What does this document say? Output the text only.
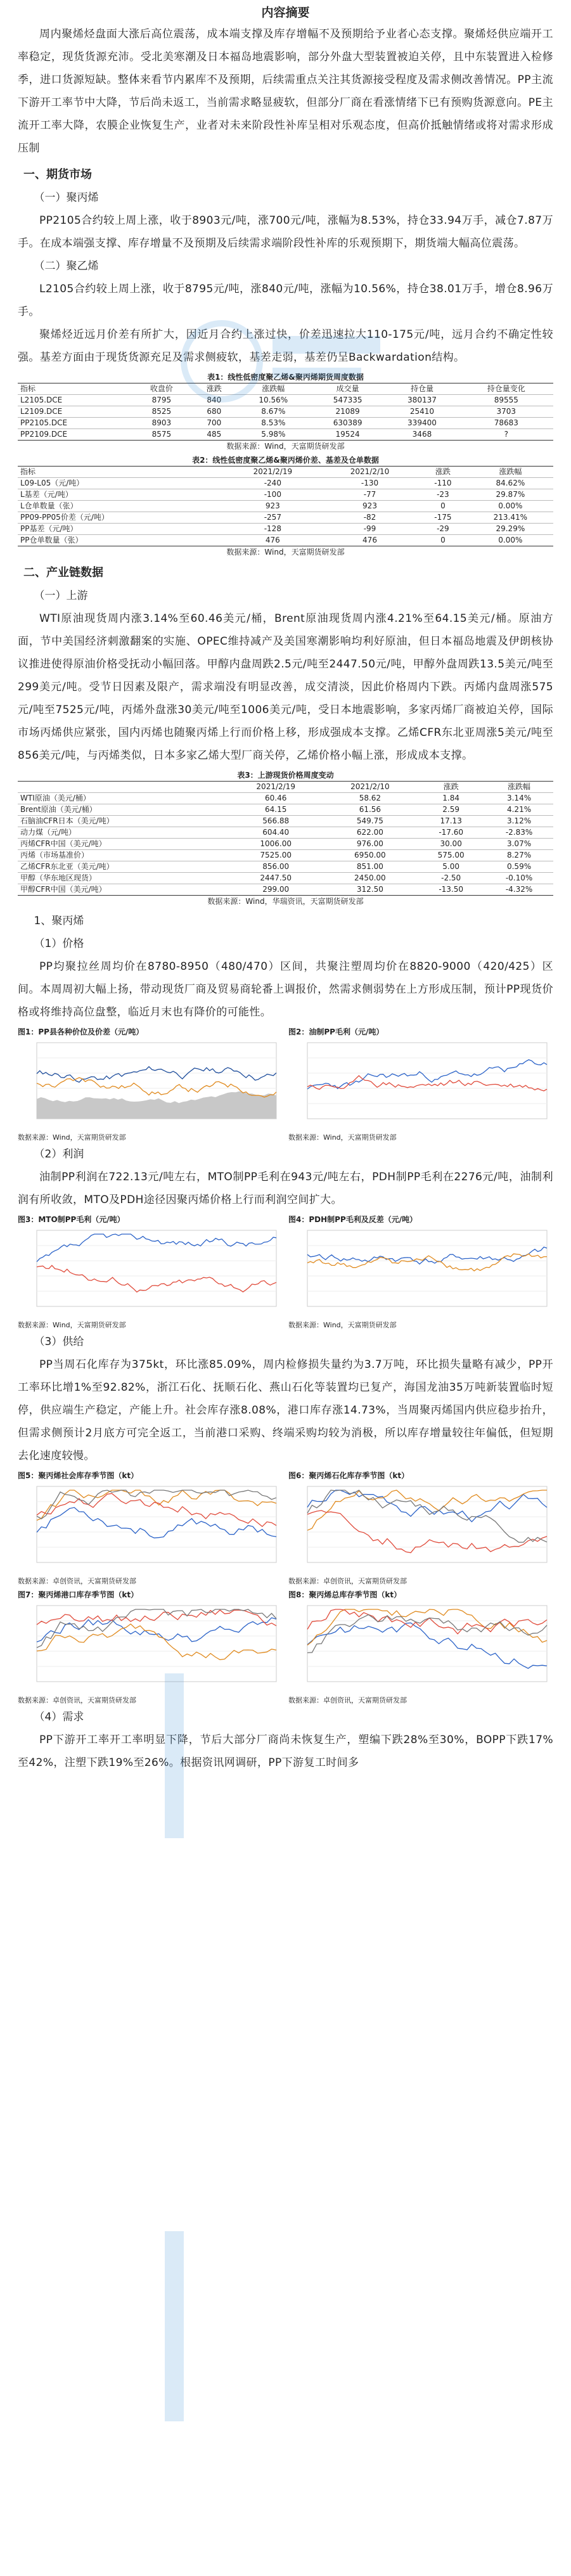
内容摘要

周内聚烯烃盘面大涨后高位震荡，成本端支撑及库存增幅不及预期给予业者心态支撑。聚烯烃供应端开工率稳定，现货货源充沛。受北美寒潮及日本福岛地震影响，部分外盘大型装置被迫关停，且中东装置进入检修季，进口货源短缺。整体来看节内累库不及预期，后续需重点关注其货源接受程度及需求侧改善情况。PP主流下游开工率节中大降，节后尚未返工，当前需求略显疲软，但部分厂商在看涨情绪下已有预购货源意向。PE主流开工率大降，农膜企业恢复生产，业者对未来阶段性补库呈相对乐观态度，但高价抵触情绪或将对需求形成压制

一、期货市场
（一）聚丙烯

PP2105合约较上周上涨，收于8903元/吨，涨700元/吨，涨幅为8.53%，持仓33.94万手，减仓7.87万手。在成本端强支撑、库存增量不及预期及后续需求端阶段性补库的乐观预期下，期货端大幅高位震荡。

（二）聚乙烯

L2105合约较上周上涨，收于8795元/吨，涨840元/吨，涨幅为10.56%，持仓38.01万手，增仓8.96万手。

聚烯烃近远月价差有所扩大，因近月合约上涨过快，价差迅速拉大110-175元/吨，远月合约不确定性较强。基差方面由于现货货源充足及需求侧疲软，基差走弱，基差仍呈Backwardation结构。

表1：线性低密度聚乙烯&聚丙烯期货周度数据
指标	收盘价	涨跌	涨跌幅	成交量	持仓量	持仓量变化
L2105.DCE	8795	840	10.56%	547335	380137	89555
L2109.DCE	8525	680	8.67%	21089	25410	3703
PP2105.DCE	8903	700	8.53%	630389	339400	78683
PP2109.DCE	8575	485	5.98%	19524	3468	?
数据来源：Wind，天富期货研发部
表2：线性低密度聚乙烯&聚丙烯价差、基差及仓单数据
指标	2021/2/19	2021/2/10	涨跌	涨跌幅
L09-L05（元/吨）	-240	-130	-110	84.62%
L基差（元/吨）	-100	-77	-23	29.87%
L仓单数量（张）	923	923	0	0.00%
PP09-PP05价差（元/吨）	-257	-82	-175	213.41%
PP基差（元/吨）	-128	-99	-29	29.29%
PP仓单数量（张）	476	476	0	0.00%
数据来源：Wind，天富期货研发部
二、产业链数据
（一）上游

WTI原油现货周内涨3.14%至60.46美元/桶，Brent原油现货周内涨4.21%至64.15美元/桶。原油方面，节中美国经济刺激翻案的实施、OPEC维持减产及美国寒潮影响均利好原油，但日本福岛地震及伊朗核协议推进使得原油价格受抚动小幅回落。甲醇内盘周跌2.5元/吨至2447.50元/吨，甲醇外盘周跌13.5美元/吨至299美元/吨。受节日因素及限产，需求端没有明显改善，成交清淡，因此价格周内下跌。丙烯内盘周涨575元/吨至7525元/吨，丙烯外盘涨30美元/吨至1006美元/吨，受日本地震影响，多家丙烯厂商被迫关停，国际市场丙烯供应紧张，国内丙烯也随聚丙烯上行而价格上移，形成强成本支撑。乙烯CFR东北亚周涨5美元/吨至856美元/吨，与丙烯类似，日本多家乙烯大型厂商关停，乙烯价格小幅上涨，形成成本支撑。

表3：上游现货价格周度变动
	2021/2/19	2021/2/10	涨跌	涨跌幅
WTI原油（美元/桶）	60.46	58.62	1.84	3.14%
Brent原油（美元/桶）	64.15	61.56	2.59	4.21%
石脑油CFR日本（美元/吨）	566.88	549.75	17.13	3.12%
动力煤（元/吨）	604.40	622.00	-17.60	-2.83%
丙烯CFR中国（美元/吨）	1006.00	976.00	30.00	3.07%
丙烯（市场基准价）	7525.00	6950.00	575.00	8.27%
乙烯CFR东北亚（美元/吨）	856.00	851.00	5.00	0.59%
甲醇（华东地区现货）	2447.50	2450.00	-2.50	-0.10%
甲醇CFR中国（美元/吨）	299.00	312.50	-13.50	-4.32%
数据来源：Wind，华瑞资讯，天富期货研发部
1、聚丙烯
（1）价格

PP均聚拉丝周均价在8780-8950（480/470）区间，共聚注塑周均价在8820-9000（420/425）区间。本周周初大幅上扬，带动现货厂商及贸易商轮番上调报价，然需求侧弱势在上方形成压制，预计PP现货价格或将维持高位盘整，临近月末也有降价的可能性。

图1：PP县各种价位及价差（元/吨）
数据来源：Wind，天富期货研发部
图2：油制PP毛利（元/吨）
数据来源：Wind，天富期货研发部
（2）利润

油制PP利润在722.13元/吨左右，MTO制PP毛利在943元/吨左右，PDH制PP毛利在2276元/吨，油制利润有所收敛，MTO及PDH途径因聚丙烯价格上行而利润空间扩大。

图3：MTO制PP毛利（元/吨）
数据来源：Wind，天富期货研发部
图4：PDH制PP毛利及反差（元/吨）
数据来源：Wind，天富期货研发部
（3）供给

PP当周石化库存为375kt，环比涨85.09%，周内检修损失量约为3.7万吨，环比损失量略有减少，PP开工率环比增1%至92.82%，浙江石化、抚顺石化、燕山石化等装置均已复产，海国龙油35万吨新装置临时短停，供应端生产稳定，产能上升。社会库存涨8.08%，港口库存涨14.73%，当周聚丙烯国内供应稳步抬升，但需求侧预计2月底方可完全返工，当前港口采购、终端采购均较为消极，所以库存增量较往年偏低，但短期去化速度较慢。

图5：聚丙烯社会库存季节图（kt）
数据来源：卓创资讯，天富期货研发部
图6：聚丙烯石化库存季节图（kt）
数据来源：卓创资讯，天富期货研发部
图7：聚丙烯港口库存季节图（kt）
数据来源：卓创资讯，天富期货研发部
图8：聚丙烯总库存季节图（kt）
数据来源：卓创资讯，天富期货研发部
（4）需求

PP下游开工率开工率明显下降，节后大部分厂商尚未恢复生产，塑编下跌28%至30%，BOPP下跌17%至42%，注塑下跌19%至26%。根据资讯网调研，PP下游复工时间多
